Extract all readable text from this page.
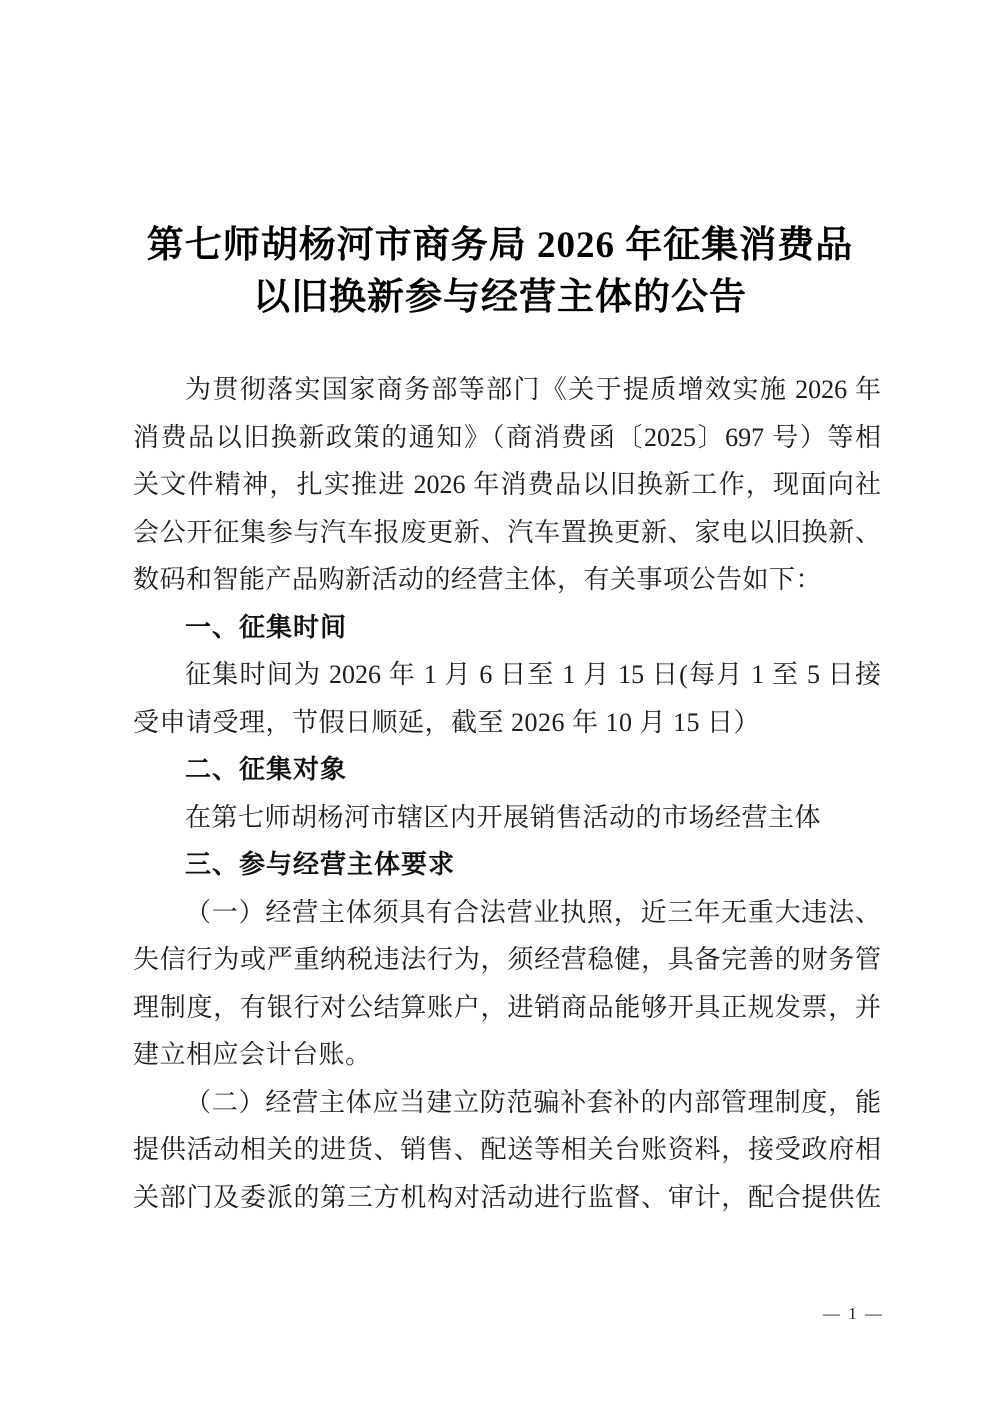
第七师胡杨河市商务局 2026 年征集消费品
以旧换新参与经营主体的公告
为贯彻落实国家商务部等部门《关于提质增效实施 2026 年
消费品以旧换新政策的通知》（商消费函〔2025〕697 号）等相
关文件精神，扎实推进 2026 年消费品以旧换新工作，现面向社
会公开征集参与汽车报废更新、汽车置换更新、家电以旧换新、
数码和智能产品购新活动的经营主体，有关事项公告如下：
一、征集时间
征集时间为 2026 年 1 月 6 日至 1 月 15 日(每月 1 至 5 日接
受申请受理，节假日顺延，截至 2026 年 10 月 15 日）
二、征集对象
在第七师胡杨河市辖区内开展销售活动的市场经营主体
三、参与经营主体要求
（一）经营主体须具有合法营业执照，近三年无重大违法、
失信行为或严重纳税违法行为，须经营稳健，具备完善的财务管
理制度，有银行对公结算账户，进销商品能够开具正规发票，并
建立相应会计台账。
（二）经营主体应当建立防范骗补套补的内部管理制度，能
提供活动相关的进货、销售、配送等相关台账资料，接受政府相
关部门及委派的第三方机构对活动进行监督、审计，配合提供佐
— 1 —
